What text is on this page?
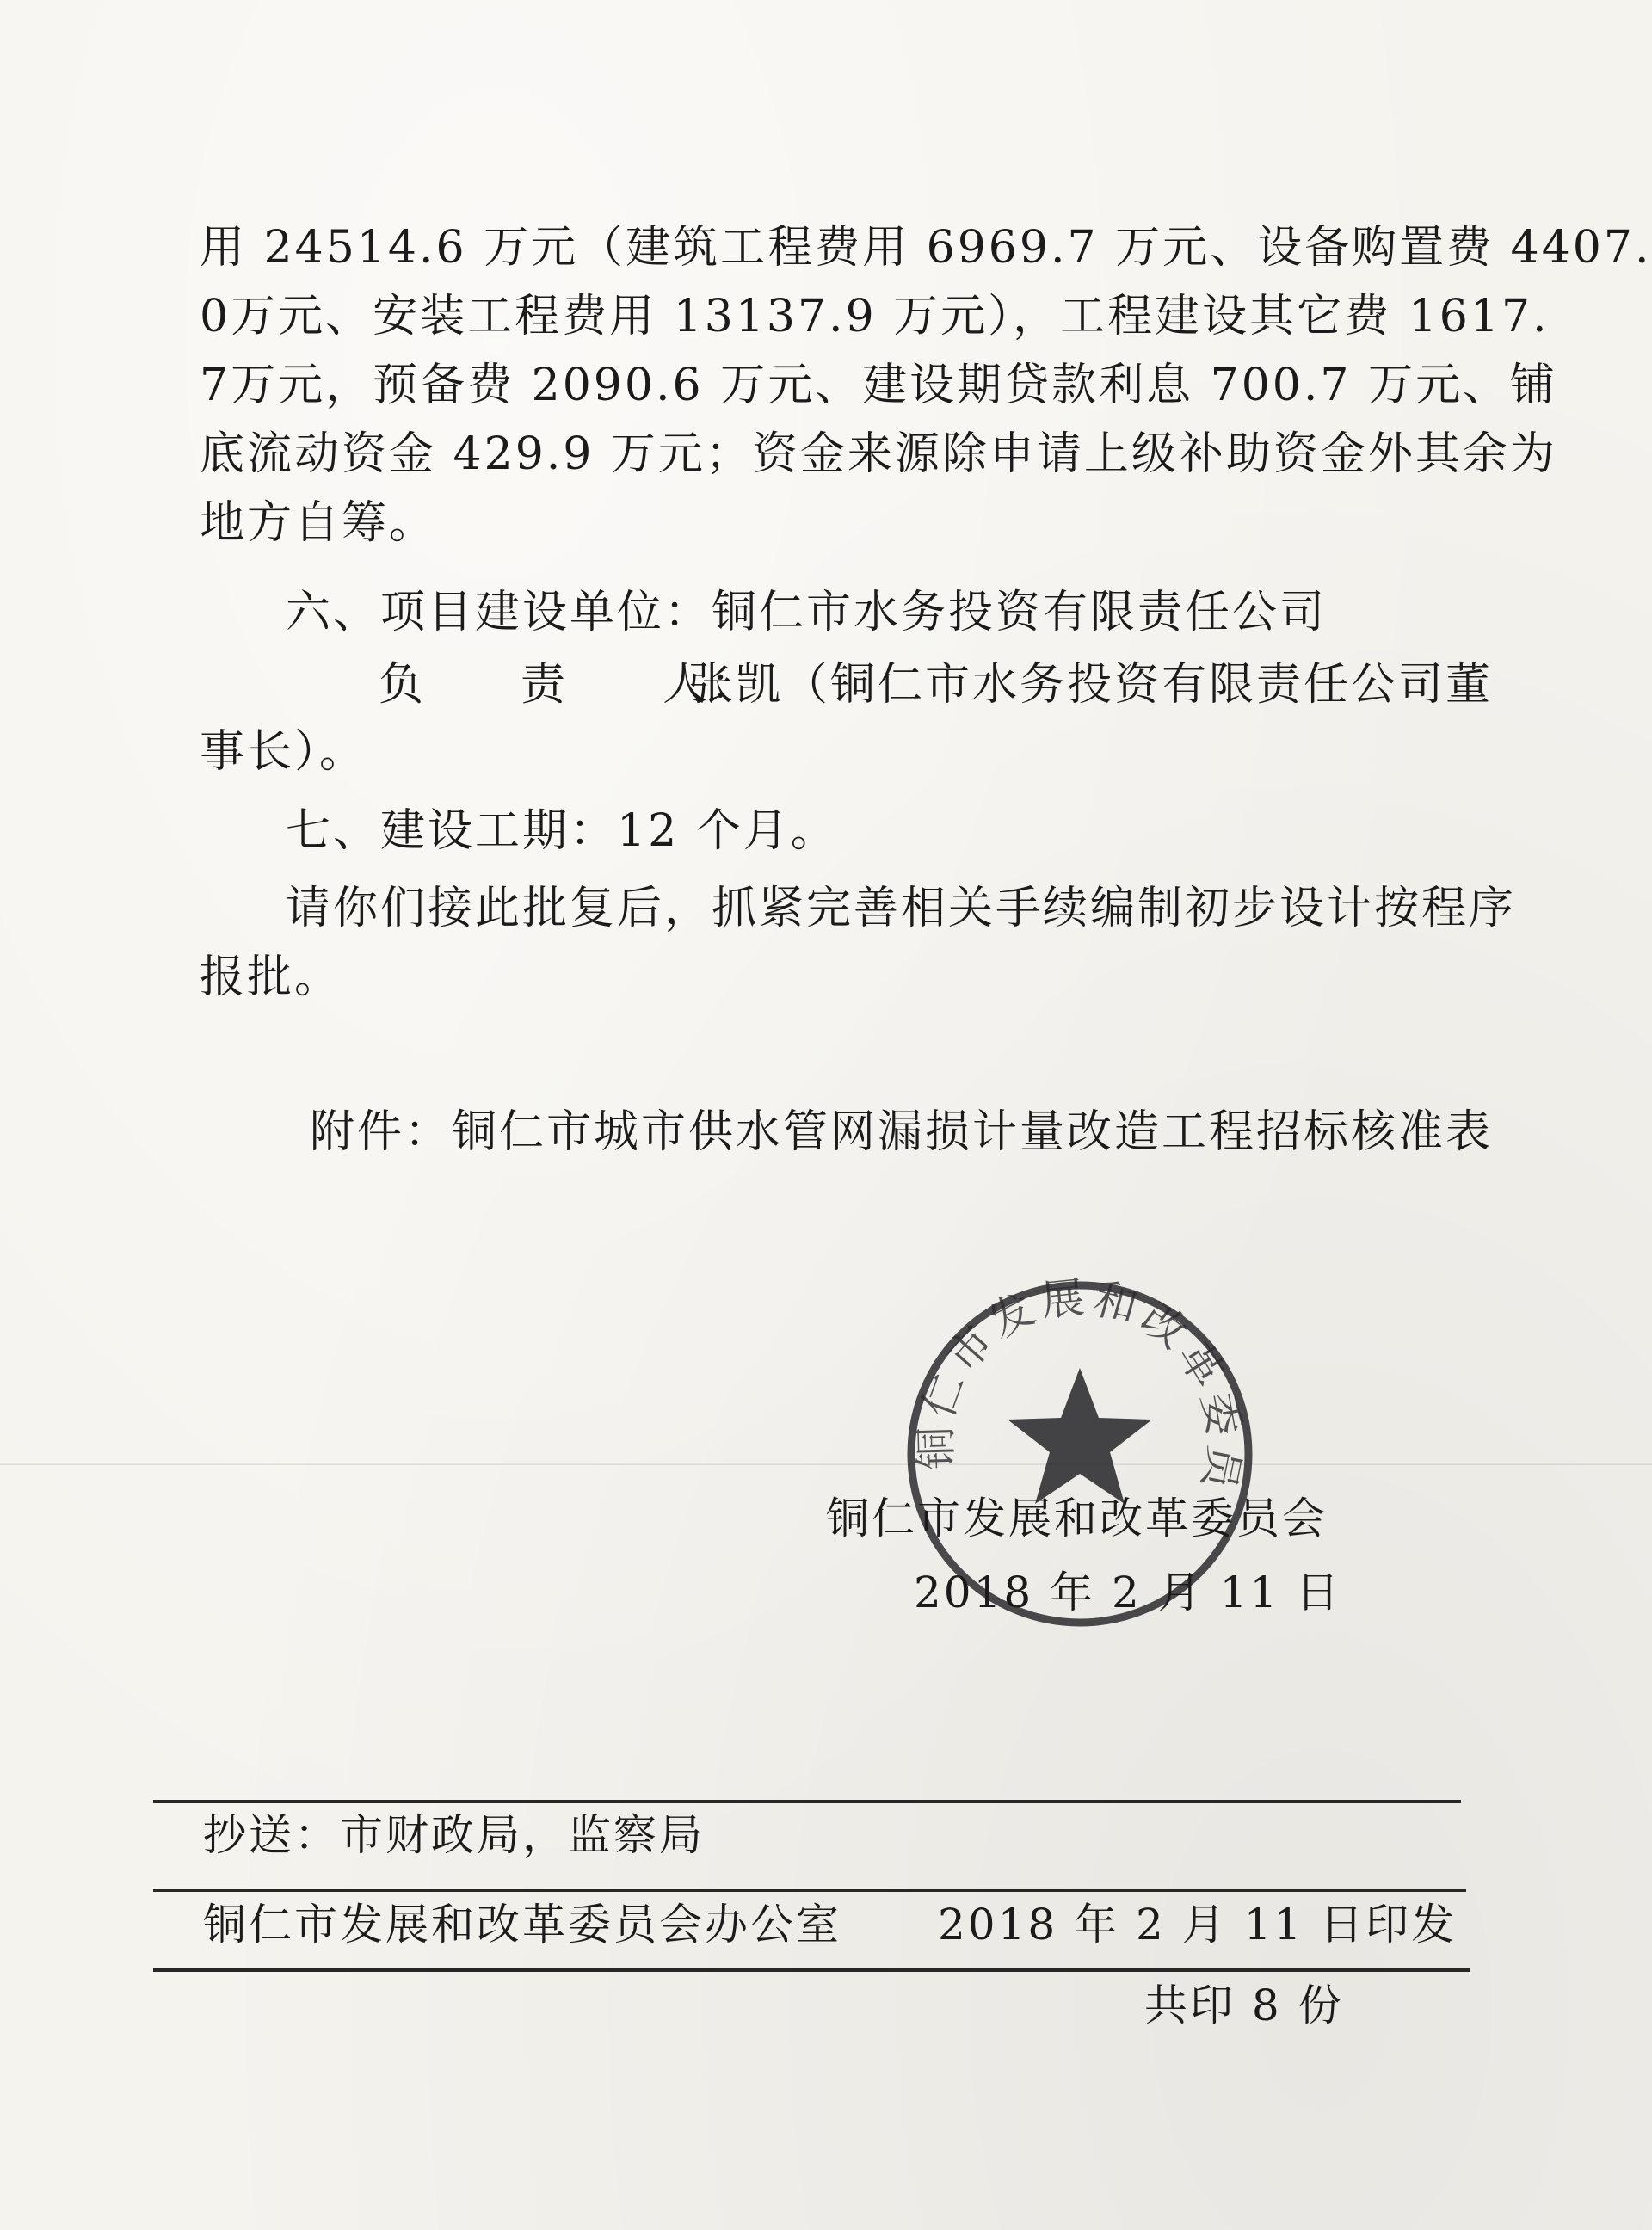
用 24514.6 万元（建筑工程费用 6969.7 万元、设备购置费 4407.
0万元、安装工程费用 13137.9 万元），工程建设其它费 1617.
7万元，预备费 2090.6 万元、建设期贷款利息 700.7 万元、铺
底流动资金 429.9 万元；资金来源除申请上级补助资金外其余为
地方自筹。
六、项目建设单位：铜仁市水务投资有限责任公司
负　　责　　人：
张凯（铜仁市水务投资有限责任公司董
事长）。
七、建设工期：12 个月。
请你们接此批复后，抓紧完善相关手续编制初步设计按程序
报批。
附件：铜仁市城市供水管网漏损计量改造工程招标核准表
铜仁市发展和改革委员
铜仁市发展和改革委员会
2018 年 2 月 11 日
抄送：市财政局，监察局
铜仁市发展和改革委员会办公室 2018 年 2 月 11 日印发
共印 8 份
